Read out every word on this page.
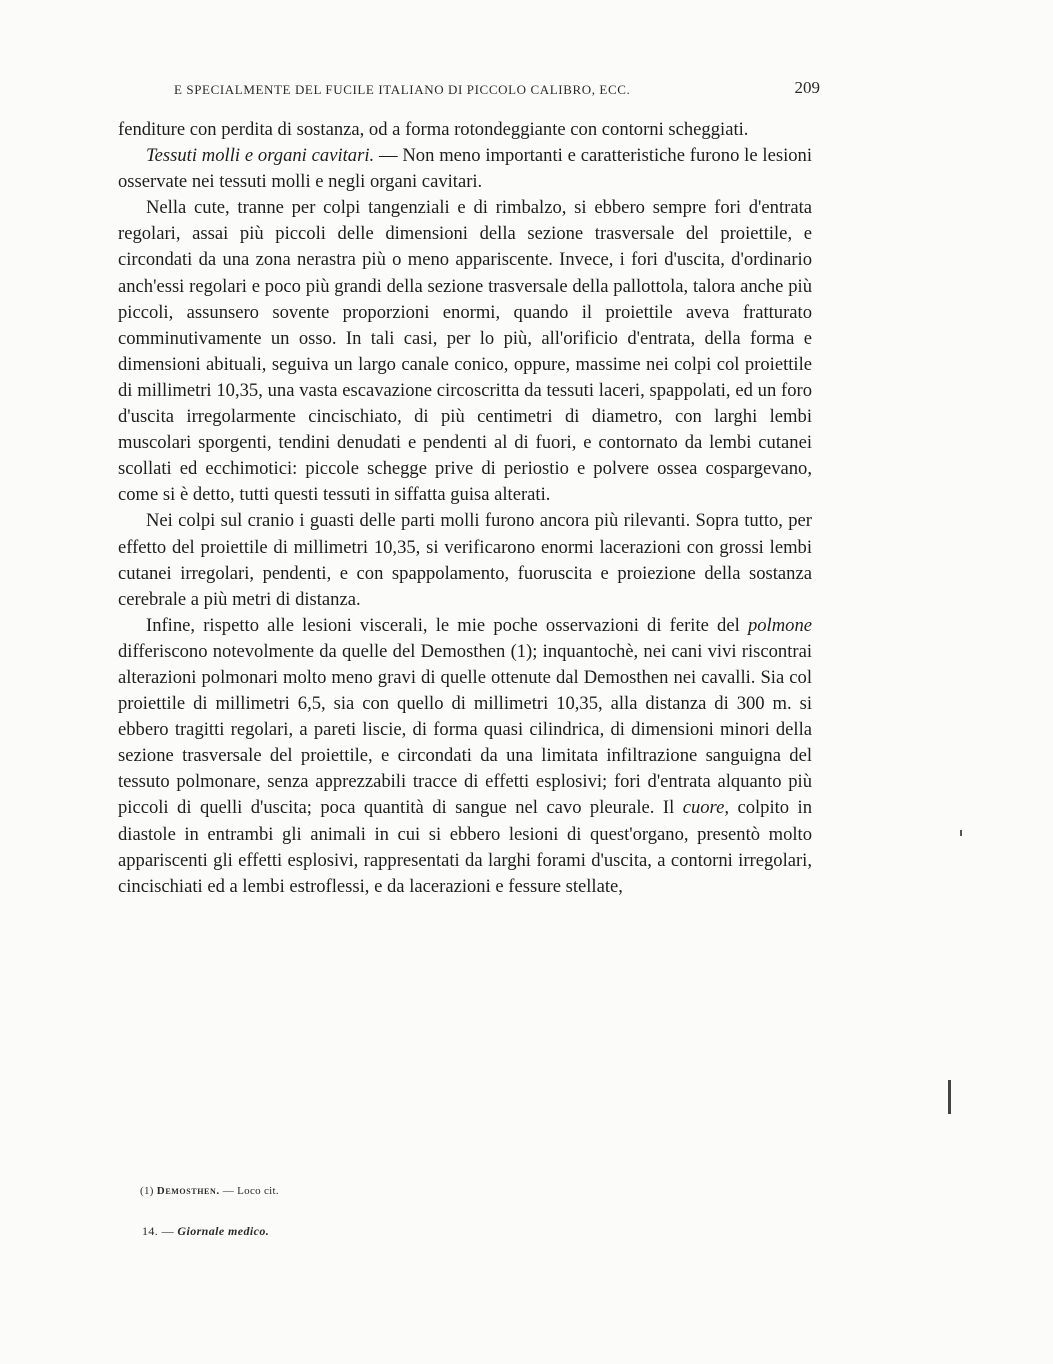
E SPECIALMENTE DEL FUCILE ITALIANO DI PICCOLO CALIBRO, ECC.	209

fenditure con perdita di sostanza, od a forma rotondeggiante con contorni scheggiati.

Tessuti molli e organi cavitari. — Non meno importanti e caratteristiche furono le lesioni osservate nei tessuti molli e negli organi cavitari.

Nella cute, tranne per colpi tangenziali e di rimbalzo, si ebbero sempre fori d'entrata regolari, assai più piccoli delle dimensioni della sezione trasversale del proiettile, e circondati da una zona nerastra più o meno appariscente. Invece, i fori d'uscita, d'ordinario anch'essi regolari e poco più grandi della sezione trasversale della pallottola, talora anche più piccoli, assunsero sovente proporzioni enormi, quando il proiettile aveva fratturato comminutivamente un osso. In tali casi, per lo più, all'orificio d'entrata, della forma e dimensioni abituali, seguiva un largo canale conico, oppure, massime nei colpi col proiettile di millimetri 10,35, una vasta escavazione circoscritta da tessuti laceri, spappolati, ed un foro d'uscita irregolarmente cincischiato, di più centimetri di diametro, con larghi lembi muscolari sporgenti, tendini denudati e pendenti al di fuori, e contornato da lembi cutanei scollati ed ecchimotici: piccole schegge prive di periostio e polvere ossea cospargevano, come si è detto, tutti questi tessuti in siffatta guisa alterati.

Nei colpi sul cranio i guasti delle parti molli furono ancora più rilevanti. Sopra tutto, per effetto del proiettile di millimetri 10,35, si verificarono enormi lacerazioni con grossi lembi cutanei irregolari, pendenti, e con spappolamento, fuoruscita e proiezione della sostanza cerebrale a più metri di distanza.

Infine, rispetto alle lesioni viscerali, le mie poche osservazioni di ferite del polmone differiscono notevolmente da quelle del Demosthen (1); inquantochè, nei cani vivi riscontrai alterazioni polmonari molto meno gravi di quelle ottenute dal Demosthen nei cavalli. Sia col proiettile di millimetri 6,5, sia con quello di millimetri 10,35, alla distanza di 300 m. si ebbero tragitti regolari, a pareti liscie, di forma quasi cilindrica, di dimensioni minori della sezione trasversale del proiettile, e circondati da una limitata infiltrazione sanguigna del tessuto polmonare, senza apprezzabili tracce di effetti esplosivi; fori d'entrata alquanto più piccoli di quelli d'uscita; poca quantità di sangue nel cavo pleurale. Il cuore, colpito in diastole in entrambi gli animali in cui si ebbero lesioni di quest'organo, presentò molto appariscenti gli effetti esplosivi, rappresentati da larghi forami d'uscita, a contorni irregolari, cincischiati ed a lembi estroflessi, e da lacerazioni e fessure stellate,

(1) Demosthen. — Loco cit.
14. — Giornale medico.
